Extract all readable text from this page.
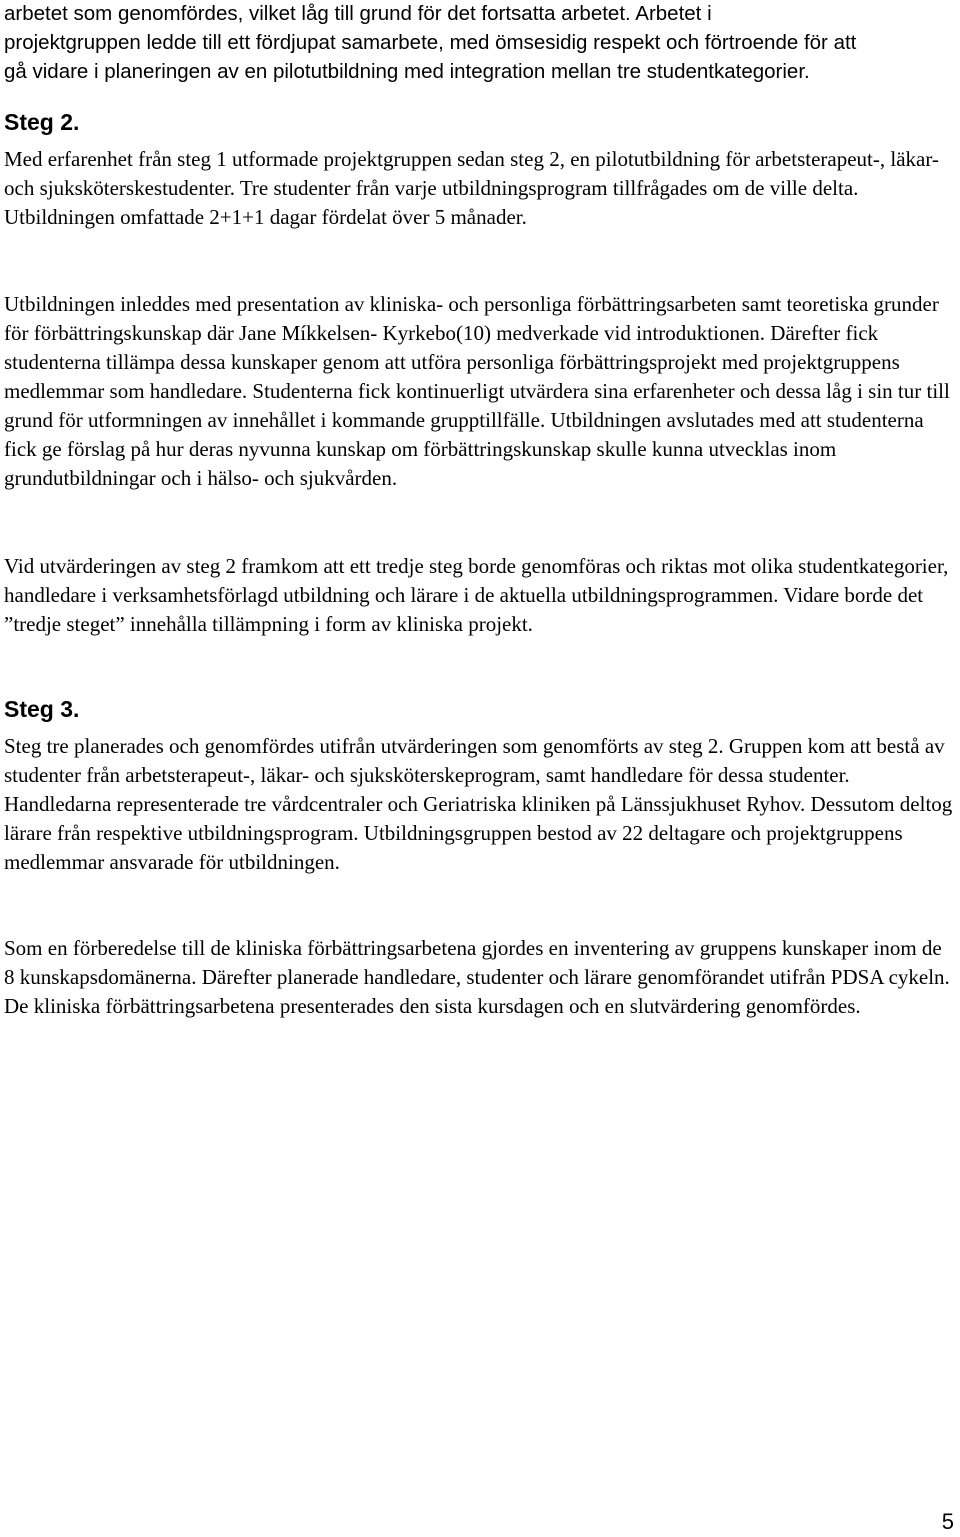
arbetet som genomfördes, vilket låg till grund för det fortsatta arbetet. Arbetet i
projektgruppen ledde till ett fördjupat samarbete, med ömsesidig respekt och förtroende för att
gå vidare i planeringen av en pilotutbildning med integration mellan tre studentkategorier.
Steg 2.

Med erfarenhet från steg 1 utformade projektgruppen sedan steg 2, en pilotutbildning för arbetsterapeut-, läkar- och sjuksköterskestudenter. Tre studenter från varje utbildningsprogram tillfrågades om de ville delta. Utbildningen omfattade 2+1+1 dagar fördelat över 5 månader.

Utbildningen inleddes med presentation av kliniska- och personliga förbättringsarbeten samt teoretiska grunder för förbättringskunskap där Jane Míkkelsen- Kyrkebo(10) medverkade vid introduktionen. Därefter fick studenterna tillämpa dessa kunskaper genom att utföra personliga förbättringsprojekt med projektgruppens medlemmar som handledare. Studenterna fick kontinuerligt utvärdera sina erfarenheter och dessa låg i sin tur till grund för utformningen av innehållet i kommande grupptillfälle. Utbildningen avslutades med att studenterna fick ge förslag på hur deras nyvunna kunskap om förbättringskunskap skulle kunna utvecklas inom grundutbildningar och i hälso- och sjukvården.

Vid utvärderingen av steg 2 framkom att ett tredje steg borde genomföras och riktas mot olika studentkategorier, handledare i verksamhetsförlagd utbildning och lärare i de aktuella utbildningsprogrammen. Vidare borde det ”tredje steget” innehålla tillämpning i form av kliniska projekt.

Steg 3.

Steg tre planerades och genomfördes utifrån utvärderingen som genomförts av steg 2. Gruppen kom att bestå av studenter från arbetsterapeut-, läkar- och sjuksköterskeprogram, samt handledare för dessa studenter. Handledarna representerade tre vårdcentraler och Geriatriska kliniken på Länssjukhuset Ryhov. Dessutom deltog lärare från respektive utbildningsprogram. Utbildningsgruppen bestod av 22 deltagare och projektgruppens medlemmar ansvarade för utbildningen.

Som en förberedelse till de kliniska förbättringsarbetena gjordes en inventering av gruppens kunskaper inom de 8 kunskapsdomänerna. Därefter planerade handledare, studenter och lärare genomförandet utifrån PDSA cykeln. De kliniska förbättringsarbetena presenterades den sista kursdagen och en slutvärdering genomfördes.

5
